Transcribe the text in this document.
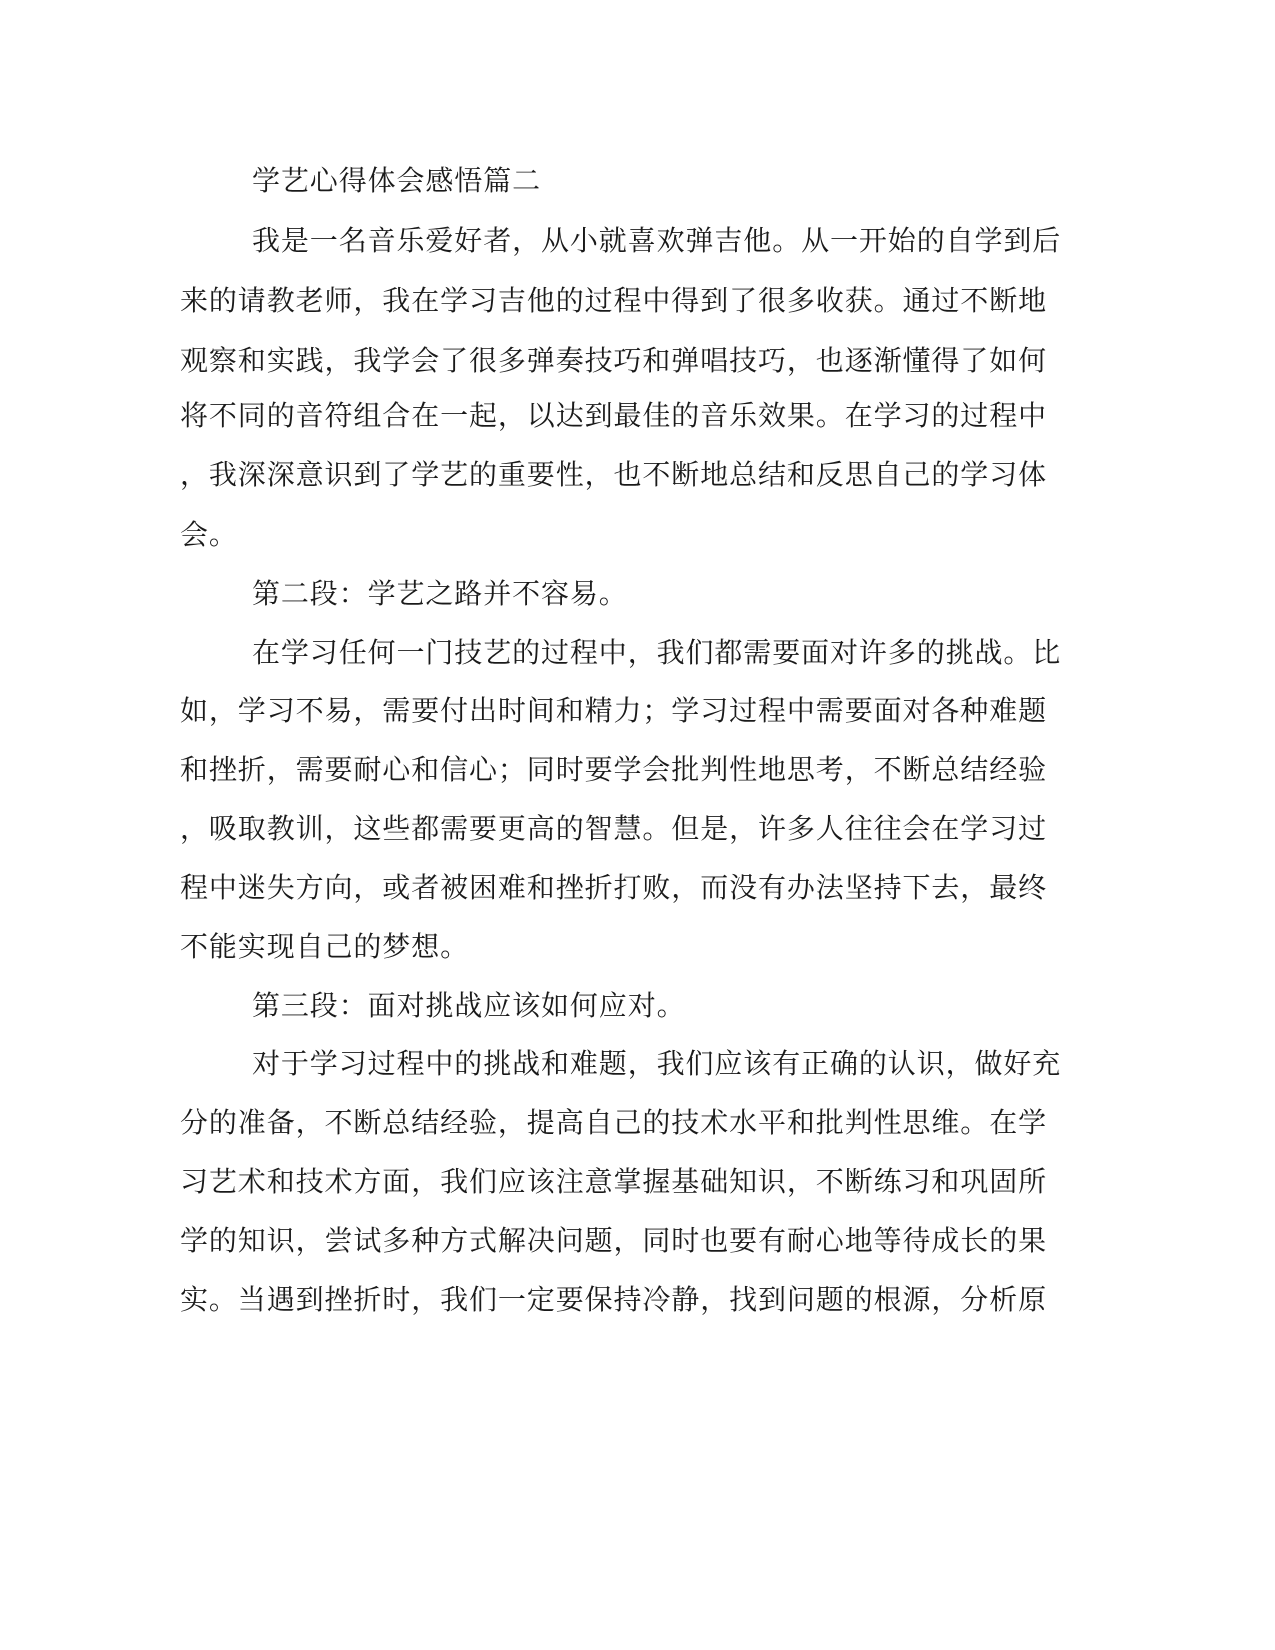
学艺心得体会感悟篇二
我是一名音乐爱好者，从小就喜欢弹吉他。从一开始的自学到后
来的请教老师，我在学习吉他的过程中得到了很多收获。通过不断地
观察和实践，我学会了很多弹奏技巧和弹唱技巧，也逐渐懂得了如何
将不同的音符组合在一起，以达到最佳的音乐效果。在学习的过程中
，我深深意识到了学艺的重要性，也不断地总结和反思自己的学习体
会。
第二段：学艺之路并不容易。
在学习任何一门技艺的过程中，我们都需要面对许多的挑战。比
如，学习不易，需要付出时间和精力；学习过程中需要面对各种难题
和挫折，需要耐心和信心；同时要学会批判性地思考，不断总结经验
，吸取教训，这些都需要更高的智慧。但是，许多人往往会在学习过
程中迷失方向，或者被困难和挫折打败，而没有办法坚持下去，最终
不能实现自己的梦想。
第三段：面对挑战应该如何应对。
对于学习过程中的挑战和难题，我们应该有正确的认识，做好充
分的准备，不断总结经验，提高自己的技术水平和批判性思维。在学
习艺术和技术方面，我们应该注意掌握基础知识，不断练习和巩固所
学的知识，尝试多种方式解决问题，同时也要有耐心地等待成长的果
实。当遇到挫折时，我们一定要保持冷静，找到问题的根源，分析原
